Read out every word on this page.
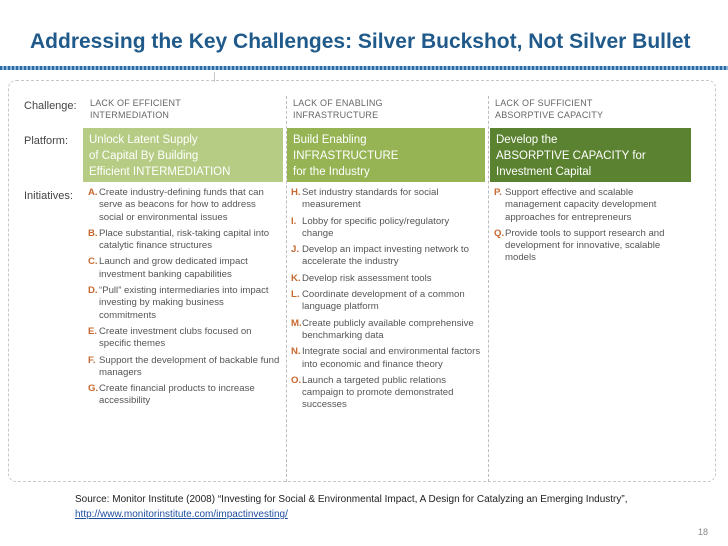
Addressing the Key Challenges: Silver Buckshot, Not Silver Bullet
Challenge:
Platform:
Initiatives:
LACK OF EFFICIENT
INTERMEDIATION
LACK OF ENABLING
INFRASTRUCTURE
LACK OF SUFFICIENT
ABSORPTIVE CAPACITY
Unlock Latent Supply
of Capital By Building
Efficient INTERMEDIATION
Build Enabling
INFRASTRUCTURE
for the Industry
Develop the
ABSORPTIVE CAPACITY for
Investment Capital
A. Create industry-defining funds that can serve as beacons for how to address social or environmental issues
B. Place substantial, risk-taking capital into catalytic finance structures
C. Launch and grow dedicated impact investment banking capabilities
D. “Pull” existing intermediaries into impact investing by making business commitments
E. Create investment clubs focused on specific themes
F. Support the development of backable fund managers
G. Create financial products to increase accessibility
H. Set industry standards for social measurement
I. Lobby for specific policy/regulatory change
J. Develop an impact investing network to accelerate the industry
K. Develop risk assessment tools
L. Coordinate development of a common language platform
M. Create publicly available comprehensive benchmarking data
N. Integrate social and environmental factors into economic and finance theory
O. Launch a targeted public relations campaign to promote demonstrated successes
P. Support effective and scalable management capacity development approaches for entrepreneurs
Q. Provide tools to support research and development for innovative, scalable models
Source: Monitor Institute (2008) “Investing for Social & Environmental Impact, A Design for Catalyzing an Emerging Industry”,
http://www.monitorinstitute.com/impactinvesting/
18
